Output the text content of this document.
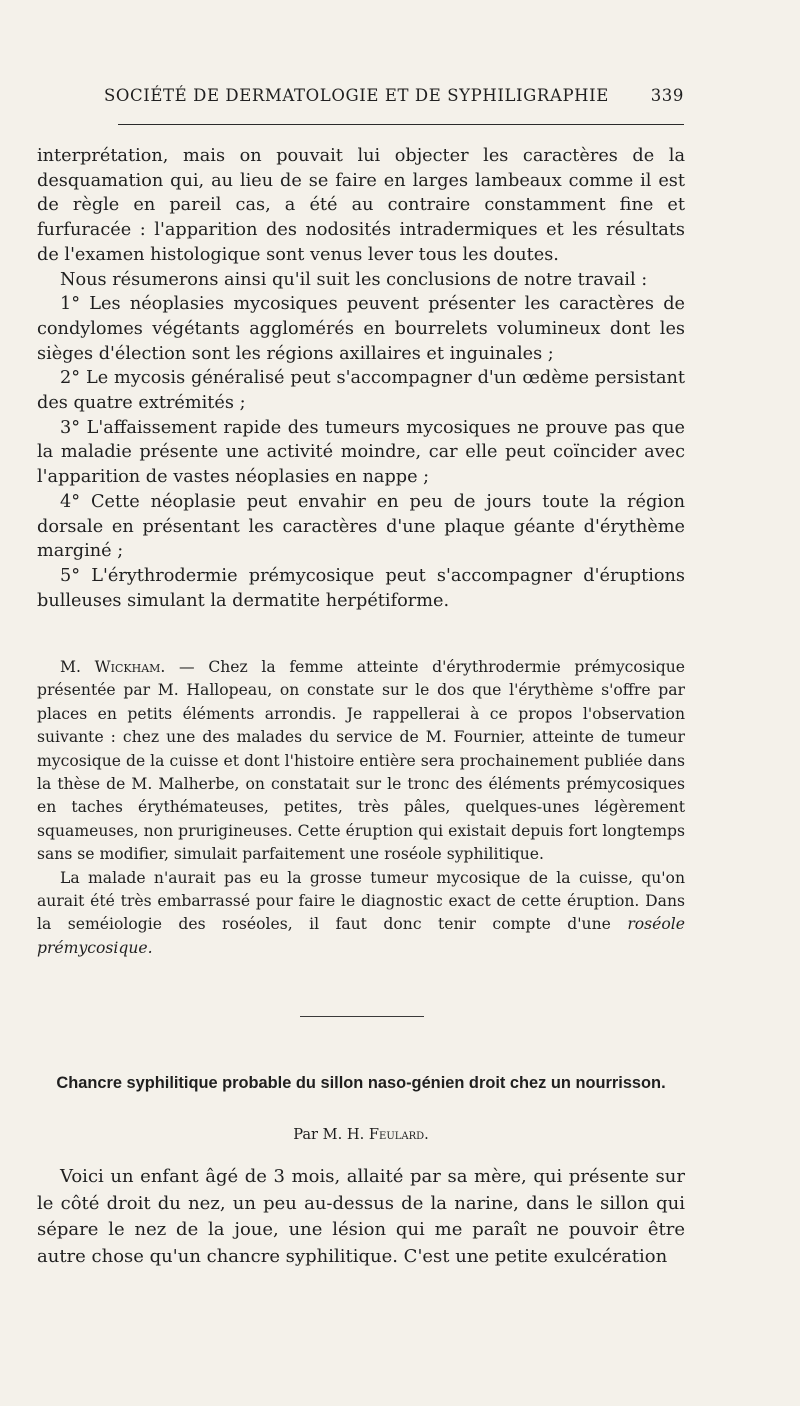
SOCIÉTÉ DE DERMATOLOGIE ET DE SYPHILIGRAPHIE	339

interprétation, mais on pouvait lui objecter les caractères de la desquamation qui, au lieu de se faire en larges lambeaux comme il est de règle en pareil cas, a été au contraire constamment fine et furfuracée : l'apparition des nodosités intradermiques et les résultats de l'examen histologique sont venus lever tous les doutes.

Nous résumerons ainsi qu'il suit les conclusions de notre travail :

1° Les néoplasies mycosiques peuvent présenter les caractères de condylomes végétants agglomérés en bourrelets volumineux dont les sièges d'élection sont les régions axillaires et inguinales ;

2° Le mycosis généralisé peut s'accompagner d'un œdème persistant des quatre extrémités ;

3° L'affaissement rapide des tumeurs mycosiques ne prouve pas que la maladie présente une activité moindre, car elle peut coïncider avec l'apparition de vastes néoplasies en nappe ;

4° Cette néoplasie peut envahir en peu de jours toute la région dorsale en présentant les caractères d'une plaque géante d'érythème marginé ;

5° L'érythrodermie prémycosique peut s'accompagner d'éruptions bulleuses simulant la dermatite herpétiforme.

M. Wickham. — Chez la femme atteinte d'érythrodermie prémycosique présentée par M. Hallopeau, on constate sur le dos que l'érythème s'offre par places en petits éléments arrondis. Je rappellerai à ce propos l'observation suivante : chez une des malades du service de M. Fournier, atteinte de tumeur mycosique de la cuisse et dont l'histoire entière sera prochainement publiée dans la thèse de M. Malherbe, on constatait sur le tronc des éléments prémycosiques en taches érythémateuses, petites, très pâles, quelques-unes légèrement squameuses, non prurigineuses. Cette éruption qui existait depuis fort longtemps sans se modifier, simulait parfaitement une roséole syphilitique.

La malade n'aurait pas eu la grosse tumeur mycosique de la cuisse, qu'on aurait été très embarrassé pour faire le diagnostic exact de cette éruption. Dans la seméiologie des roséoles, il faut donc tenir compte d'une roséole prémycosique.

Chancre syphilitique probable du sillon naso-génien droit chez un nourrisson.
Par M. H. Feulard.

Voici un enfant âgé de 3 mois, allaité par sa mère, qui présente sur le côté droit du nez, un peu au-dessus de la narine, dans le sillon qui sépare le nez de la joue, une lésion qui me paraît ne pouvoir être autre chose qu'un chancre syphilitique. C'est une petite exulcération
